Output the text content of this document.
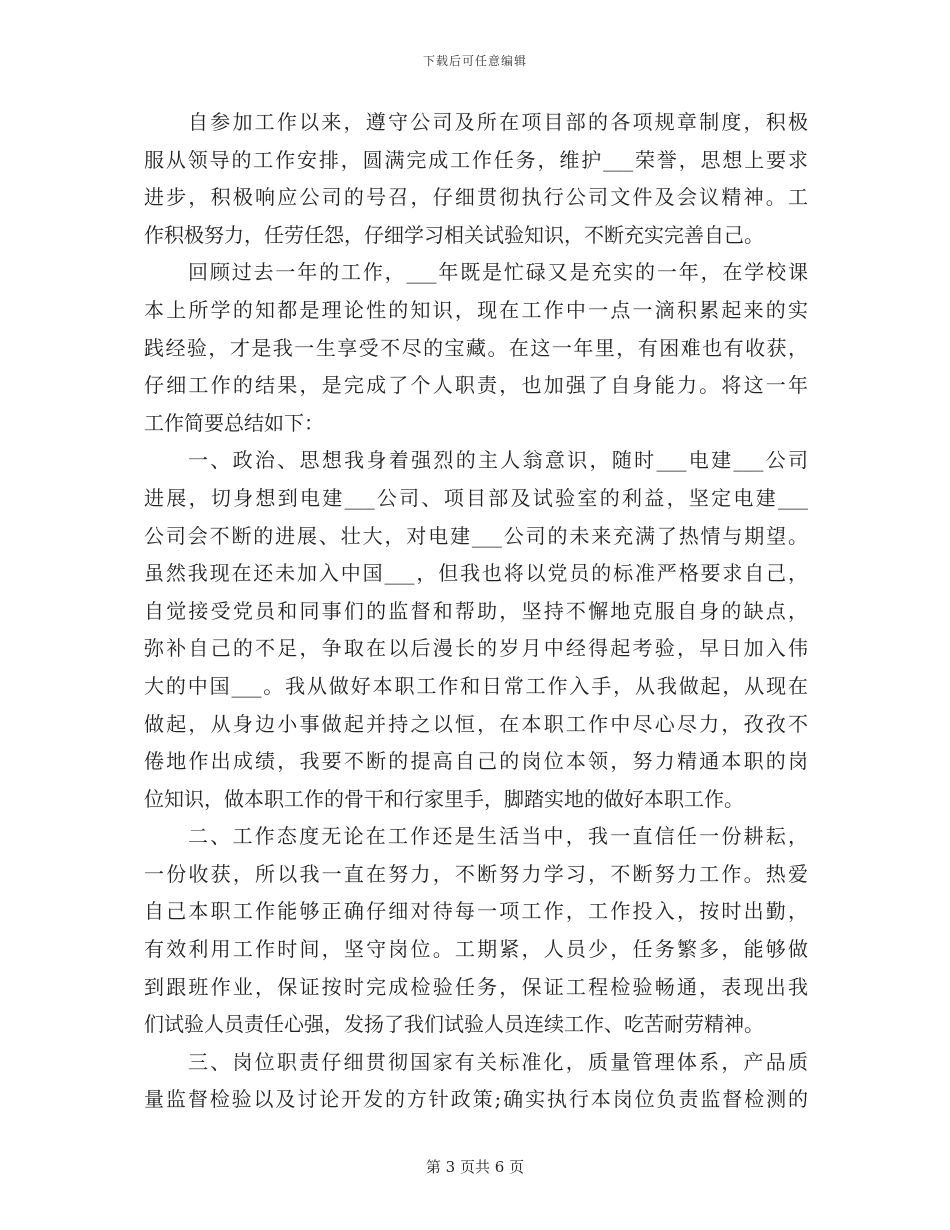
下载后可任意编辑
自参加工作以来，遵守公司及所在项目部的各项规章制度，积极
服从领导的工作安排，圆满完成工作任务，维护___荣誉，思想上要求
进步，积极响应公司的号召，仔细贯彻执行公司文件及会议精神。工
作积极努力，任劳任怨，仔细学习相关试验知识，不断充实完善自己。
回顾过去一年的工作，___年既是忙碌又是充实的一年，在学校课
本上所学的知都是理论性的知识，现在工作中一点一滴积累起来的实
践经验，才是我一生享受不尽的宝藏。在这一年里，有困难也有收获，
仔细工作的结果，是完成了个人职责，也加强了自身能力。将这一年
工作简要总结如下：
一、政治、思想我身着强烈的主人翁意识，随时___电建___公司
进展，切身想到电建___公司、项目部及试验室的利益，坚定电建___
公司会不断的进展、壮大，对电建___公司的未来充满了热情与期望。
虽然我现在还未加入中国___，但我也将以党员的标准严格要求自己，
自觉接受党员和同事们的监督和帮助，坚持不懈地克服自身的缺点，
弥补自己的不足，争取在以后漫长的岁月中经得起考验，早日加入伟
大的中国___。我从做好本职工作和日常工作入手，从我做起，从现在
做起，从身边小事做起并持之以恒，在本职工作中尽心尽力，孜孜不
倦地作出成绩，我要不断的提高自己的岗位本领，努力精通本职的岗
位知识，做本职工作的骨干和行家里手，脚踏实地的做好本职工作。
二、工作态度无论在工作还是生活当中，我一直信任一份耕耘，
一份收获，所以我一直在努力，不断努力学习，不断努力工作。热爱
自己本职工作能够正确仔细对待每一项工作，工作投入，按时出勤，
有效利用工作时间，坚守岗位。工期紧，人员少，任务繁多，能够做
到跟班作业，保证按时完成检验任务，保证工程检验畅通，表现出我
们试验人员责任心强，发扬了我们试验人员连续工作、吃苦耐劳精神。
三、岗位职责仔细贯彻国家有关标准化，质量管理体系，产品质
量监督检验以及讨论开发的方针政策;确实执行本岗位负责监督检测的
第 3 页共 6 页
